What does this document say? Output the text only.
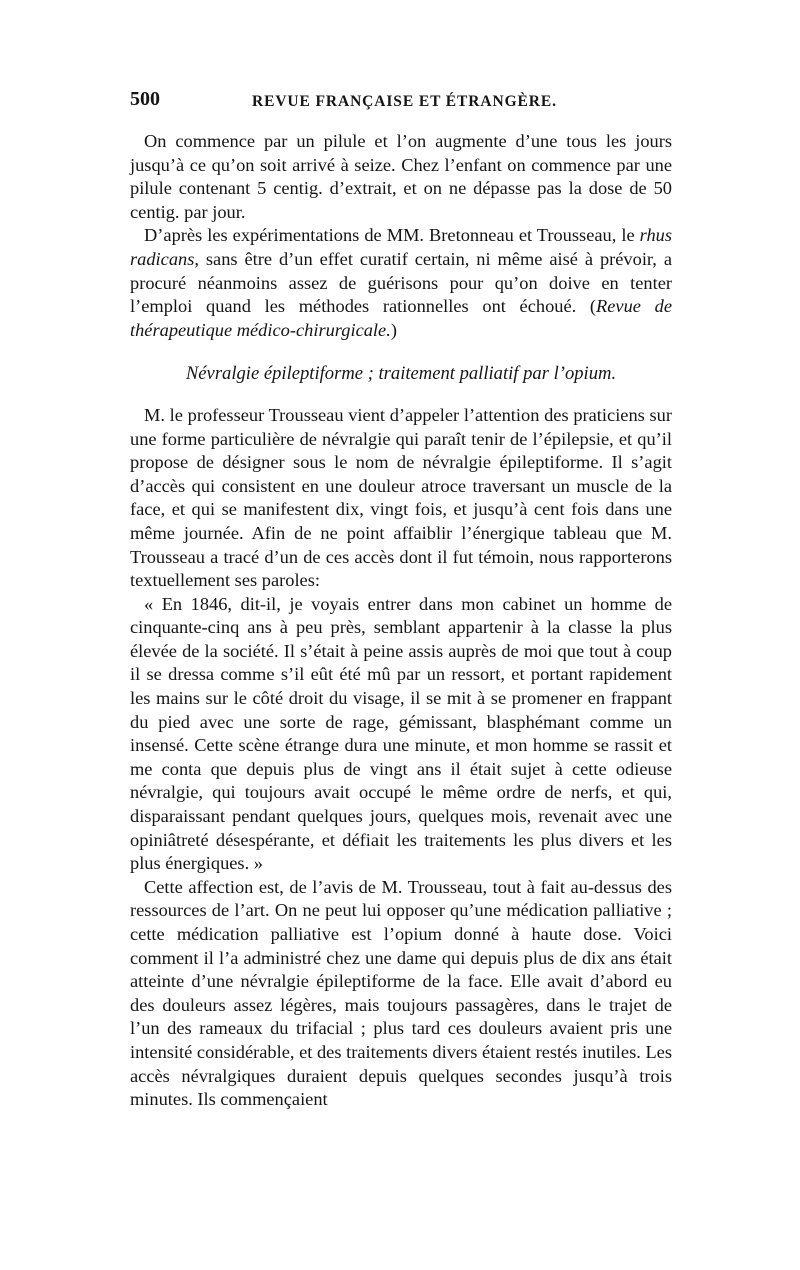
500	REVUE FRANÇAISE ET ÉTRANGÈRE.

On commence par un pilule et l’on augmente d’une tous les jours jusqu’à ce qu’on soit arrivé à seize. Chez l’enfant on commence par une pilule contenant 5 centig. d’extrait, et on ne dépasse pas la dose de 50 centig. par jour.

D’après les expérimentations de MM. Bretonneau et Trousseau, le rhus radicans, sans être d’un effet curatif certain, ni même aisé à prévoir, a procuré néanmoins assez de guérisons pour qu’on doive en tenter l’emploi quand les méthodes rationnelles ont échoué. (Revue de thérapeutique médico-chirurgicale.)

Névralgie épileptiforme ; traitement palliatif par l’opium.

M. le professeur Trousseau vient d’appeler l’attention des praticiens sur une forme particulière de névralgie qui paraît tenir de l’épilepsie, et qu’il propose de désigner sous le nom de névralgie épileptiforme. Il s’agit d’accès qui consistent en une douleur atroce traversant un muscle de la face, et qui se manifestent dix, vingt fois, et jusqu’à cent fois dans une même journée. Afin de ne point affaiblir l’énergique tableau que M. Trousseau a tracé d’un de ces accès dont il fut témoin, nous rapporterons textuellement ses paroles:

« En 1846, dit-il, je voyais entrer dans mon cabinet un homme de cinquante-cinq ans à peu près, semblant appartenir à la classe la plus élevée de la société. Il s’était à peine assis auprès de moi que tout à coup il se dressa comme s’il eût été mû par un ressort, et portant rapidement les mains sur le côté droit du visage, il se mit à se promener en frappant du pied avec une sorte de rage, gémissant, blasphémant comme un insensé. Cette scène étrange dura une minute, et mon homme se rassit et me conta que depuis plus de vingt ans il était sujet à cette odieuse névralgie, qui toujours avait occupé le même ordre de nerfs, et qui, disparaissant pendant quelques jours, quelques mois, revenait avec une opiniâtreté désespérante, et défiait les traitements les plus divers et les plus énergiques. »

Cette affection est, de l’avis de M. Trousseau, tout à fait au-dessus des ressources de l’art. On ne peut lui opposer qu’une médication palliative ; cette médication palliative est l’opium donné à haute dose. Voici comment il l’a administré chez une dame qui depuis plus de dix ans était atteinte d’une névralgie épileptiforme de la face. Elle avait d’abord eu des douleurs assez légères, mais toujours passagères, dans le trajet de l’un des rameaux du trifacial ; plus tard ces douleurs avaient pris une intensité considérable, et des traitements divers étaient restés inutiles. Les accès névralgiques duraient depuis quelques secondes jusqu’à trois minutes. Ils commençaient
